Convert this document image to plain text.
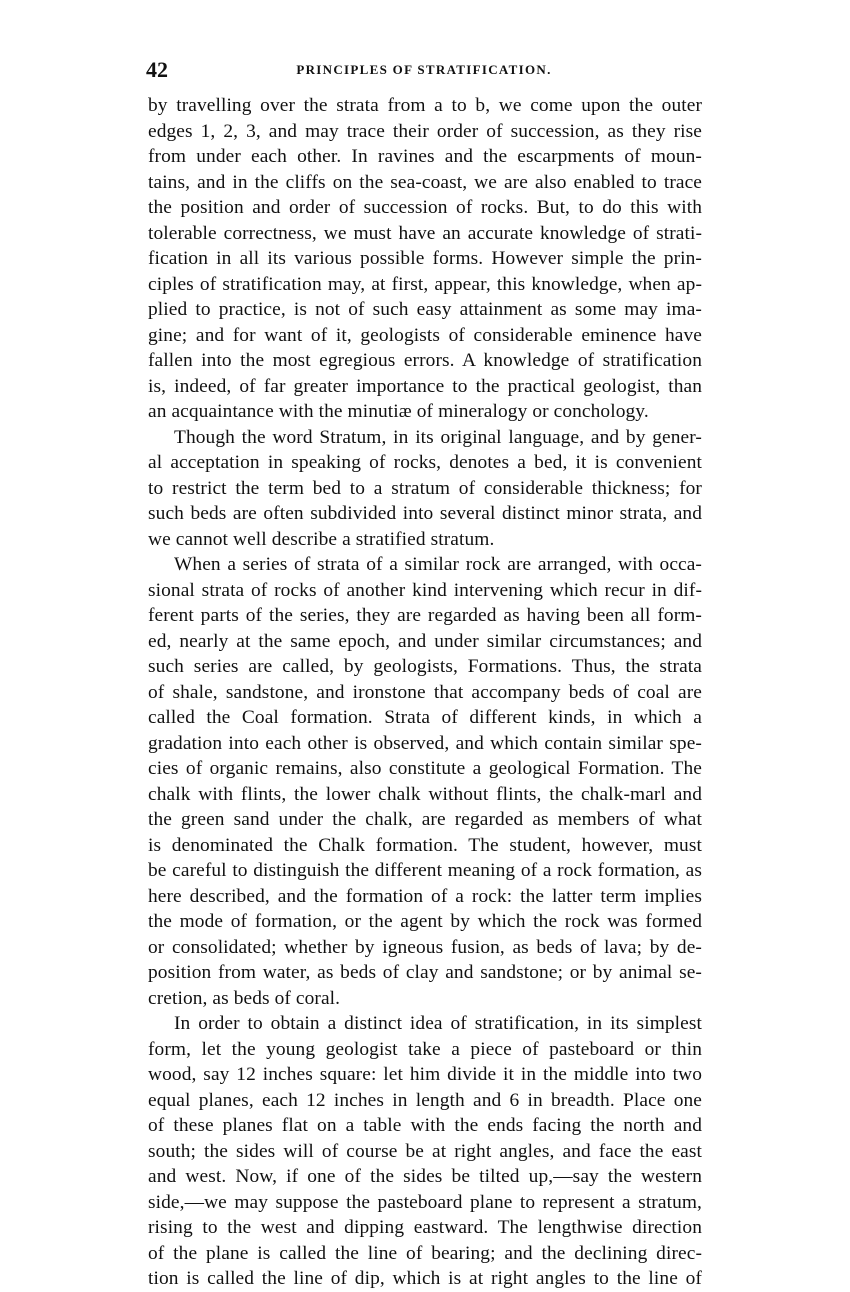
42	PRINCIPLES OF STRATIFICATION.
by travelling over the strata from a to b, we come upon the outer
edges 1, 2, 3, and may trace their order of succession, as they rise
from under each other. In ravines and the escarpments of moun-
tains, and in the cliffs on the sea-coast, we are also enabled to trace
the position and order of succession of rocks. But, to do this with
tolerable correctness, we must have an accurate knowledge of strati-
fication in all its various possible forms. However simple the prin-
ciples of stratification may, at first, appear, this knowledge, when ap-
plied to practice, is not of such easy attainment as some may ima-
gine; and for want of it, geologists of considerable eminence have
fallen into the most egregious errors. A knowledge of stratification
is, indeed, of far greater importance to the practical geologist, than
an acquaintance with the minutiæ of mineralogy or conchology.
Though the word Stratum, in its original language, and by gener-
al acceptation in speaking of rocks, denotes a bed, it is convenient
to restrict the term bed to a stratum of considerable thickness; for
such beds are often subdivided into several distinct minor strata, and
we cannot well describe a stratified stratum.
When a series of strata of a similar rock are arranged, with occa-
sional strata of rocks of another kind intervening which recur in dif-
ferent parts of the series, they are regarded as having been all form-
ed, nearly at the same epoch, and under similar circumstances; and
such series are called, by geologists, Formations. Thus, the strata
of shale, sandstone, and ironstone that accompany beds of coal are
called the Coal formation. Strata of different kinds, in which a
gradation into each other is observed, and which contain similar spe-
cies of organic remains, also constitute a geological Formation. The
chalk with flints, the lower chalk without flints, the chalk-marl and
the green sand under the chalk, are regarded as members of what
is denominated the Chalk formation. The student, however, must
be careful to distinguish the different meaning of a rock formation, as
here described, and the formation of a rock: the latter term implies
the mode of formation, or the agent by which the rock was formed
or consolidated; whether by igneous fusion, as beds of lava; by de-
position from water, as beds of clay and sandstone; or by animal se-
cretion, as beds of coral.
In order to obtain a distinct idea of stratification, in its simplest
form, let the young geologist take a piece of pasteboard or thin
wood, say 12 inches square: let him divide it in the middle into two
equal planes, each 12 inches in length and 6 in breadth. Place one
of these planes flat on a table with the ends facing the north and
south; the sides will of course be at right angles, and face the east
and west. Now, if one of the sides be tilted up,—say the western
side,—we may suppose the pasteboard plane to represent a stratum,
rising to the west and dipping eastward. The lengthwise direction
of the plane is called the line of bearing; and the declining direc-
tion is called the line of dip, which is at right angles to the line of
